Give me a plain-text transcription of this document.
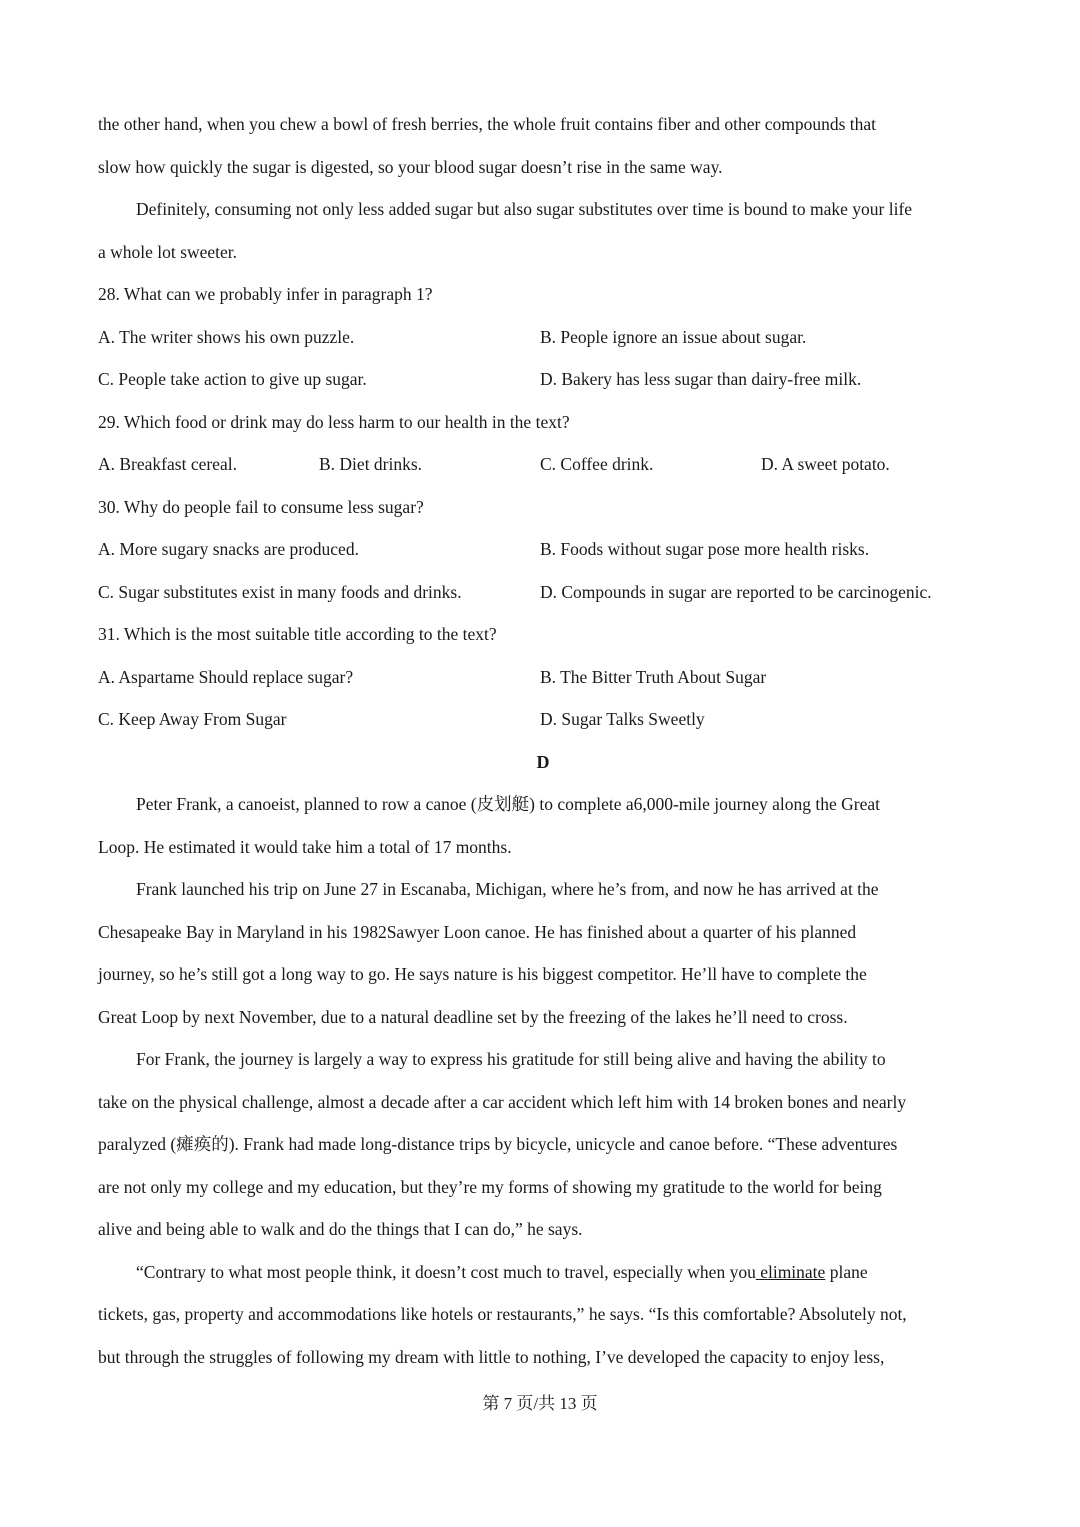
the other hand, when you chew a bowl of fresh berries, the whole fruit contains fiber and other compounds that
slow how quickly the sugar is digested, so your blood sugar doesn’t rise in the same way.
Definitely, consuming not only less added sugar but also sugar substitutes over time is bound to make your life
a whole lot sweeter.
28. What can we probably infer in paragraph 1?
A. The writer shows his own puzzle.	B. People ignore an issue about sugar.
C. People take action to give up sugar.	D. Bakery has less sugar than dairy-free milk.
29. Which food or drink may do less harm to our health in the text?
A. Breakfast cereal.	B. Diet drinks.	C. Coffee drink.	D. A sweet potato.
30. Why do people fail to consume less sugar?
A. More sugary snacks are produced.	B. Foods without sugar pose more health risks.
C. Sugar substitutes exist in many foods and drinks.	D. Compounds in sugar are reported to be carcinogenic.
31. Which is the most suitable title according to the text?
A. Aspartame Should replace sugar?	B. The Bitter Truth About Sugar
C. Keep Away From Sugar	D. Sugar Talks Sweetly
D
Peter Frank, a canoeist, planned to row a canoe (皮划艇) to complete a6,000-mile journey along the Great
Loop. He estimated it would take him a total of 17 months.
Frank launched his trip on June 27 in Escanaba, Michigan, where he’s from, and now he has arrived at the
Chesapeake Bay in Maryland in his 1982Sawyer Loon canoe. He has finished about a quarter of his planned
journey, so he’s still got a long way to go. He says nature is his biggest competitor. He’ll have to complete the
Great Loop by next November, due to a natural deadline set by the freezing of the lakes he’ll need to cross.
For Frank, the journey is largely a way to express his gratitude for still being alive and having the ability to
take on the physical challenge, almost a decade after a car accident which left him with 14 broken bones and nearly
paralyzed (瘫痪的). Frank had made long-distance trips by bicycle, unicycle and canoe before. “These adventures
are not only my college and my education, but they’re my forms of showing my gratitude to the world for being
alive and being able to walk and do the things that I can do,” he says.
“Contrary to what most people think, it doesn’t cost much to travel, especially when you eliminate plane
tickets, gas, property and accommodations like hotels or restaurants,” he says. “Is this comfortable? Absolutely not,
but through the struggles of following my dream with little to nothing, I’ve developed the capacity to enjoy less,
第 7 页/共 13 页
